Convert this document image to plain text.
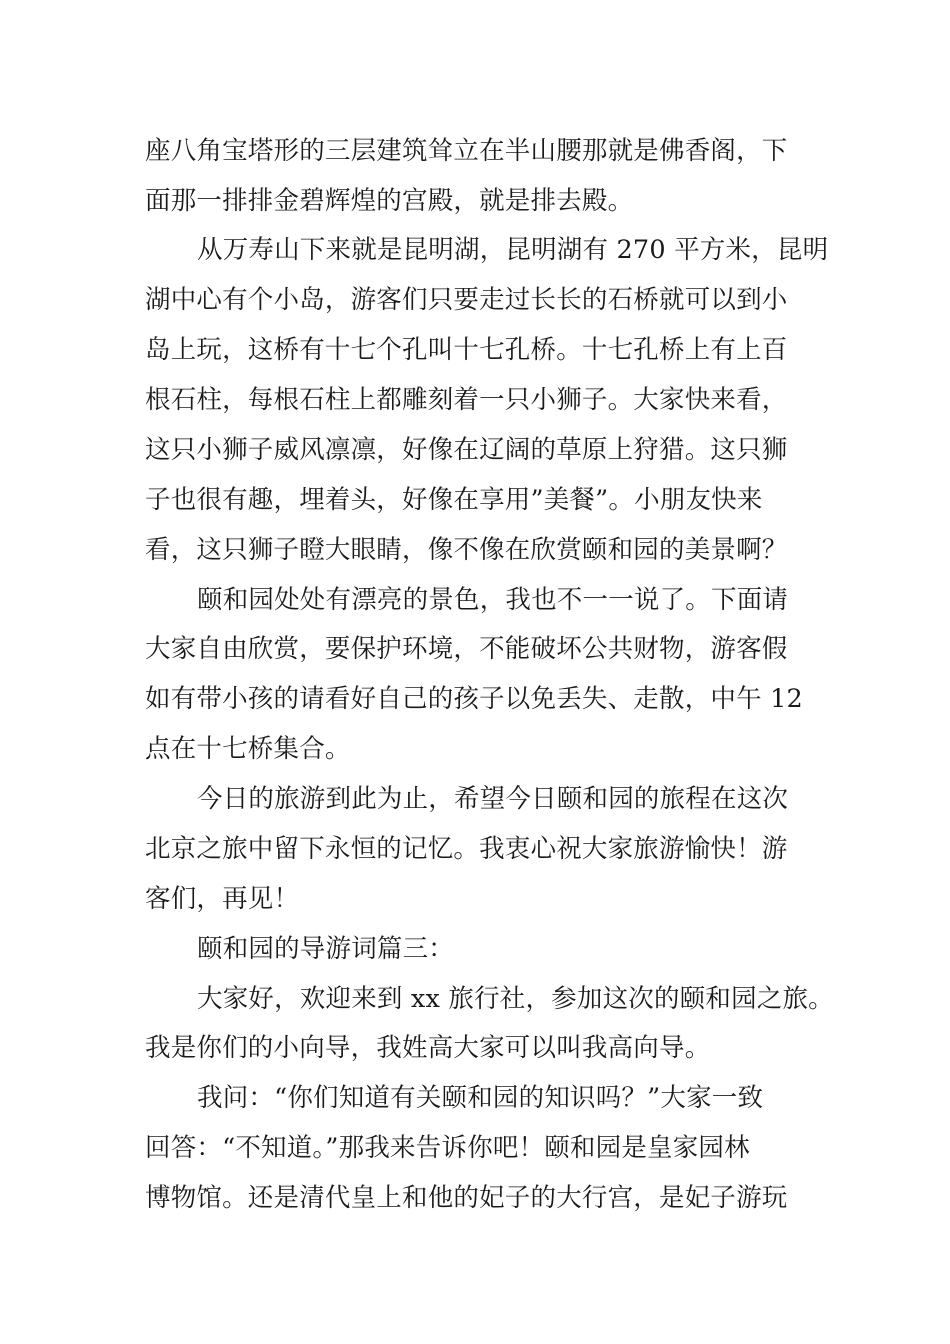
座八角宝塔形的三层建筑耸立在半山腰那就是佛香阁，下
面那一排排金碧辉煌的宫殿，就是排去殿。
从万寿山下来就是昆明湖，昆明湖有 270 平方米，昆明
湖中心有个小岛，游客们只要走过长长的石桥就可以到小
岛上玩，这桥有十七个孔叫十七孔桥。十七孔桥上有上百
根石柱，每根石柱上都雕刻着一只小狮子。大家快来看，
这只小狮子威风凛凛，好像在辽阔的草原上狩猎。这只狮
子也很有趣，埋着头，好像在享用”美餐”。小朋友快来
看，这只狮子瞪大眼睛，像不像在欣赏颐和园的美景啊？
颐和园处处有漂亮的景色，我也不一一说了。下面请
大家自由欣赏，要保护环境，不能破坏公共财物，游客假
如有带小孩的请看好自己的孩子以免丢失、走散，中午 12
点在十七桥集合。
今日的旅游到此为止，希望今日颐和园的旅程在这次
北京之旅中留下永恒的记忆。我衷心祝大家旅游愉快！游
客们，再见！
颐和园的导游词篇三：
大家好，欢迎来到 xx 旅行社，参加这次的颐和园之旅。
我是你们的小向导，我姓高大家可以叫我高向导。
我问：“你们知道有关颐和园的知识吗？”大家一致
回答：“不知道。”那我来告诉你吧！颐和园是皇家园林
博物馆。还是清代皇上和他的妃子的大行宫，是妃子游玩
